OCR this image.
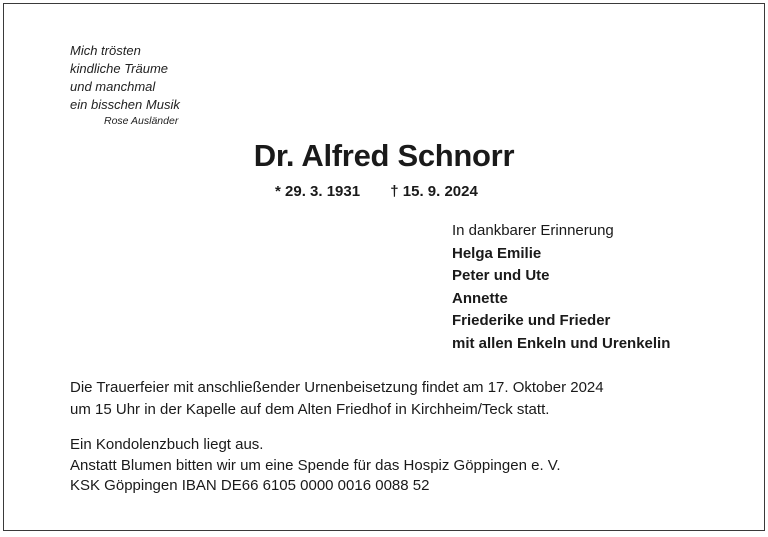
Mich trösten
kindliche Träume
und manchmal
ein bisschen Musik
Rose Ausländer
Dr. Alfred Schnorr
* 29. 3. 1931 † 15. 9. 2024
In dankbarer Erinnerung
Helga Emilie
Peter und Ute
Annette
Friederike und Frieder
mit allen Enkeln und Urenkelin
Die Trauerfeier mit anschließender Urnenbeisetzung findet am 17. Oktober 2024
um 15 Uhr in der Kapelle auf dem Alten Friedhof in Kirchheim/Teck statt.
Ein Kondolenzbuch liegt aus.
Anstatt Blumen bitten wir um eine Spende für das Hospiz Göppingen e. V.
KSK Göppingen IBAN DE66 6105 0000 0016 0088 52
